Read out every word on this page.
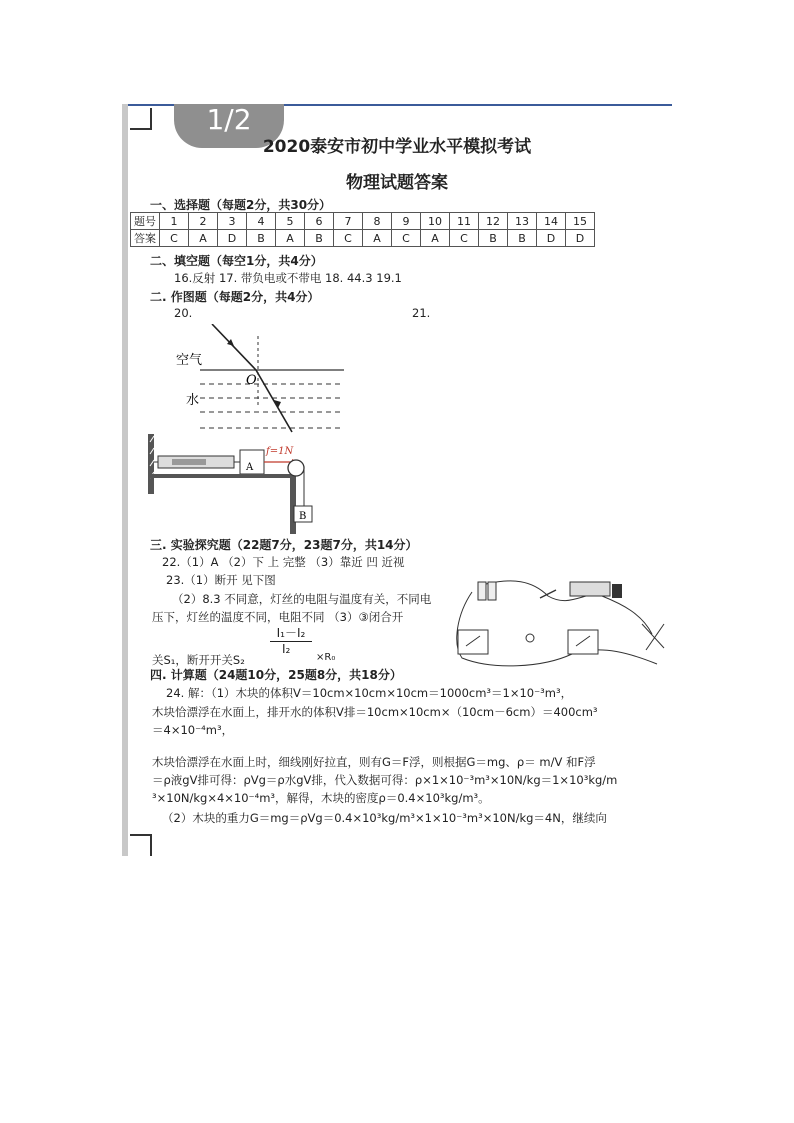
1/2
2020泰安市初中学业水平模拟考试
物理试题答案
一、选择题（每题2分，共30分）
题号	1	2	3	4	5	6	7	8	9	10	11	12	13	14	15
答案	C	A	D	B	A	B	C	A	C	A	C	B	B	D	D
二、填空题（每空1分，共4分）
16.反射 17. 带负电或不带电 18. 44.3 19.1
二. 作图题（每题2分，共4分）
20.	21.
空气
水
O
A
f=1N
B
三. 实验探究题（22题7分，23题7分，共14分）
22.（1）A （2）下 上 完整 （3）靠近 凹 近视
23.（1）断开 见下图
（2）8.3 不同意，灯丝的电阻与温度有关，不同电
压下，灯丝的温度不同，电阻不同 （3）③闭合开
I₁－I₂
关S₁，断开开关S₂
I₂
×R₀
四. 计算题（24题10分，25题8分，共18分）
24. 解：（1）木块的体积V＝10cm×10cm×10cm＝1000cm³＝1×10⁻³m³，
木块恰漂浮在水面上，排开水的体积V排＝10cm×10cm×（10cm－6cm）＝400cm³
＝4×10⁻⁴m³，
木块恰漂浮在水面上时，细线刚好拉直，则有G＝F浮，则根据G＝mg、ρ＝ m/V 和F浮
＝ρ液gV排可得：ρVg＝ρ水gV排，代入数据可得：ρ×1×10⁻³m³×10N/kg＝1×10³kg/m
³×10N/kg×4×10⁻⁴m³，解得，木块的密度ρ＝0.4×10³kg/m³。
（2）木块的重力G＝mg＝ρVg＝0.4×10³kg/m³×1×10⁻³m³×10N/kg＝4N，继续向
